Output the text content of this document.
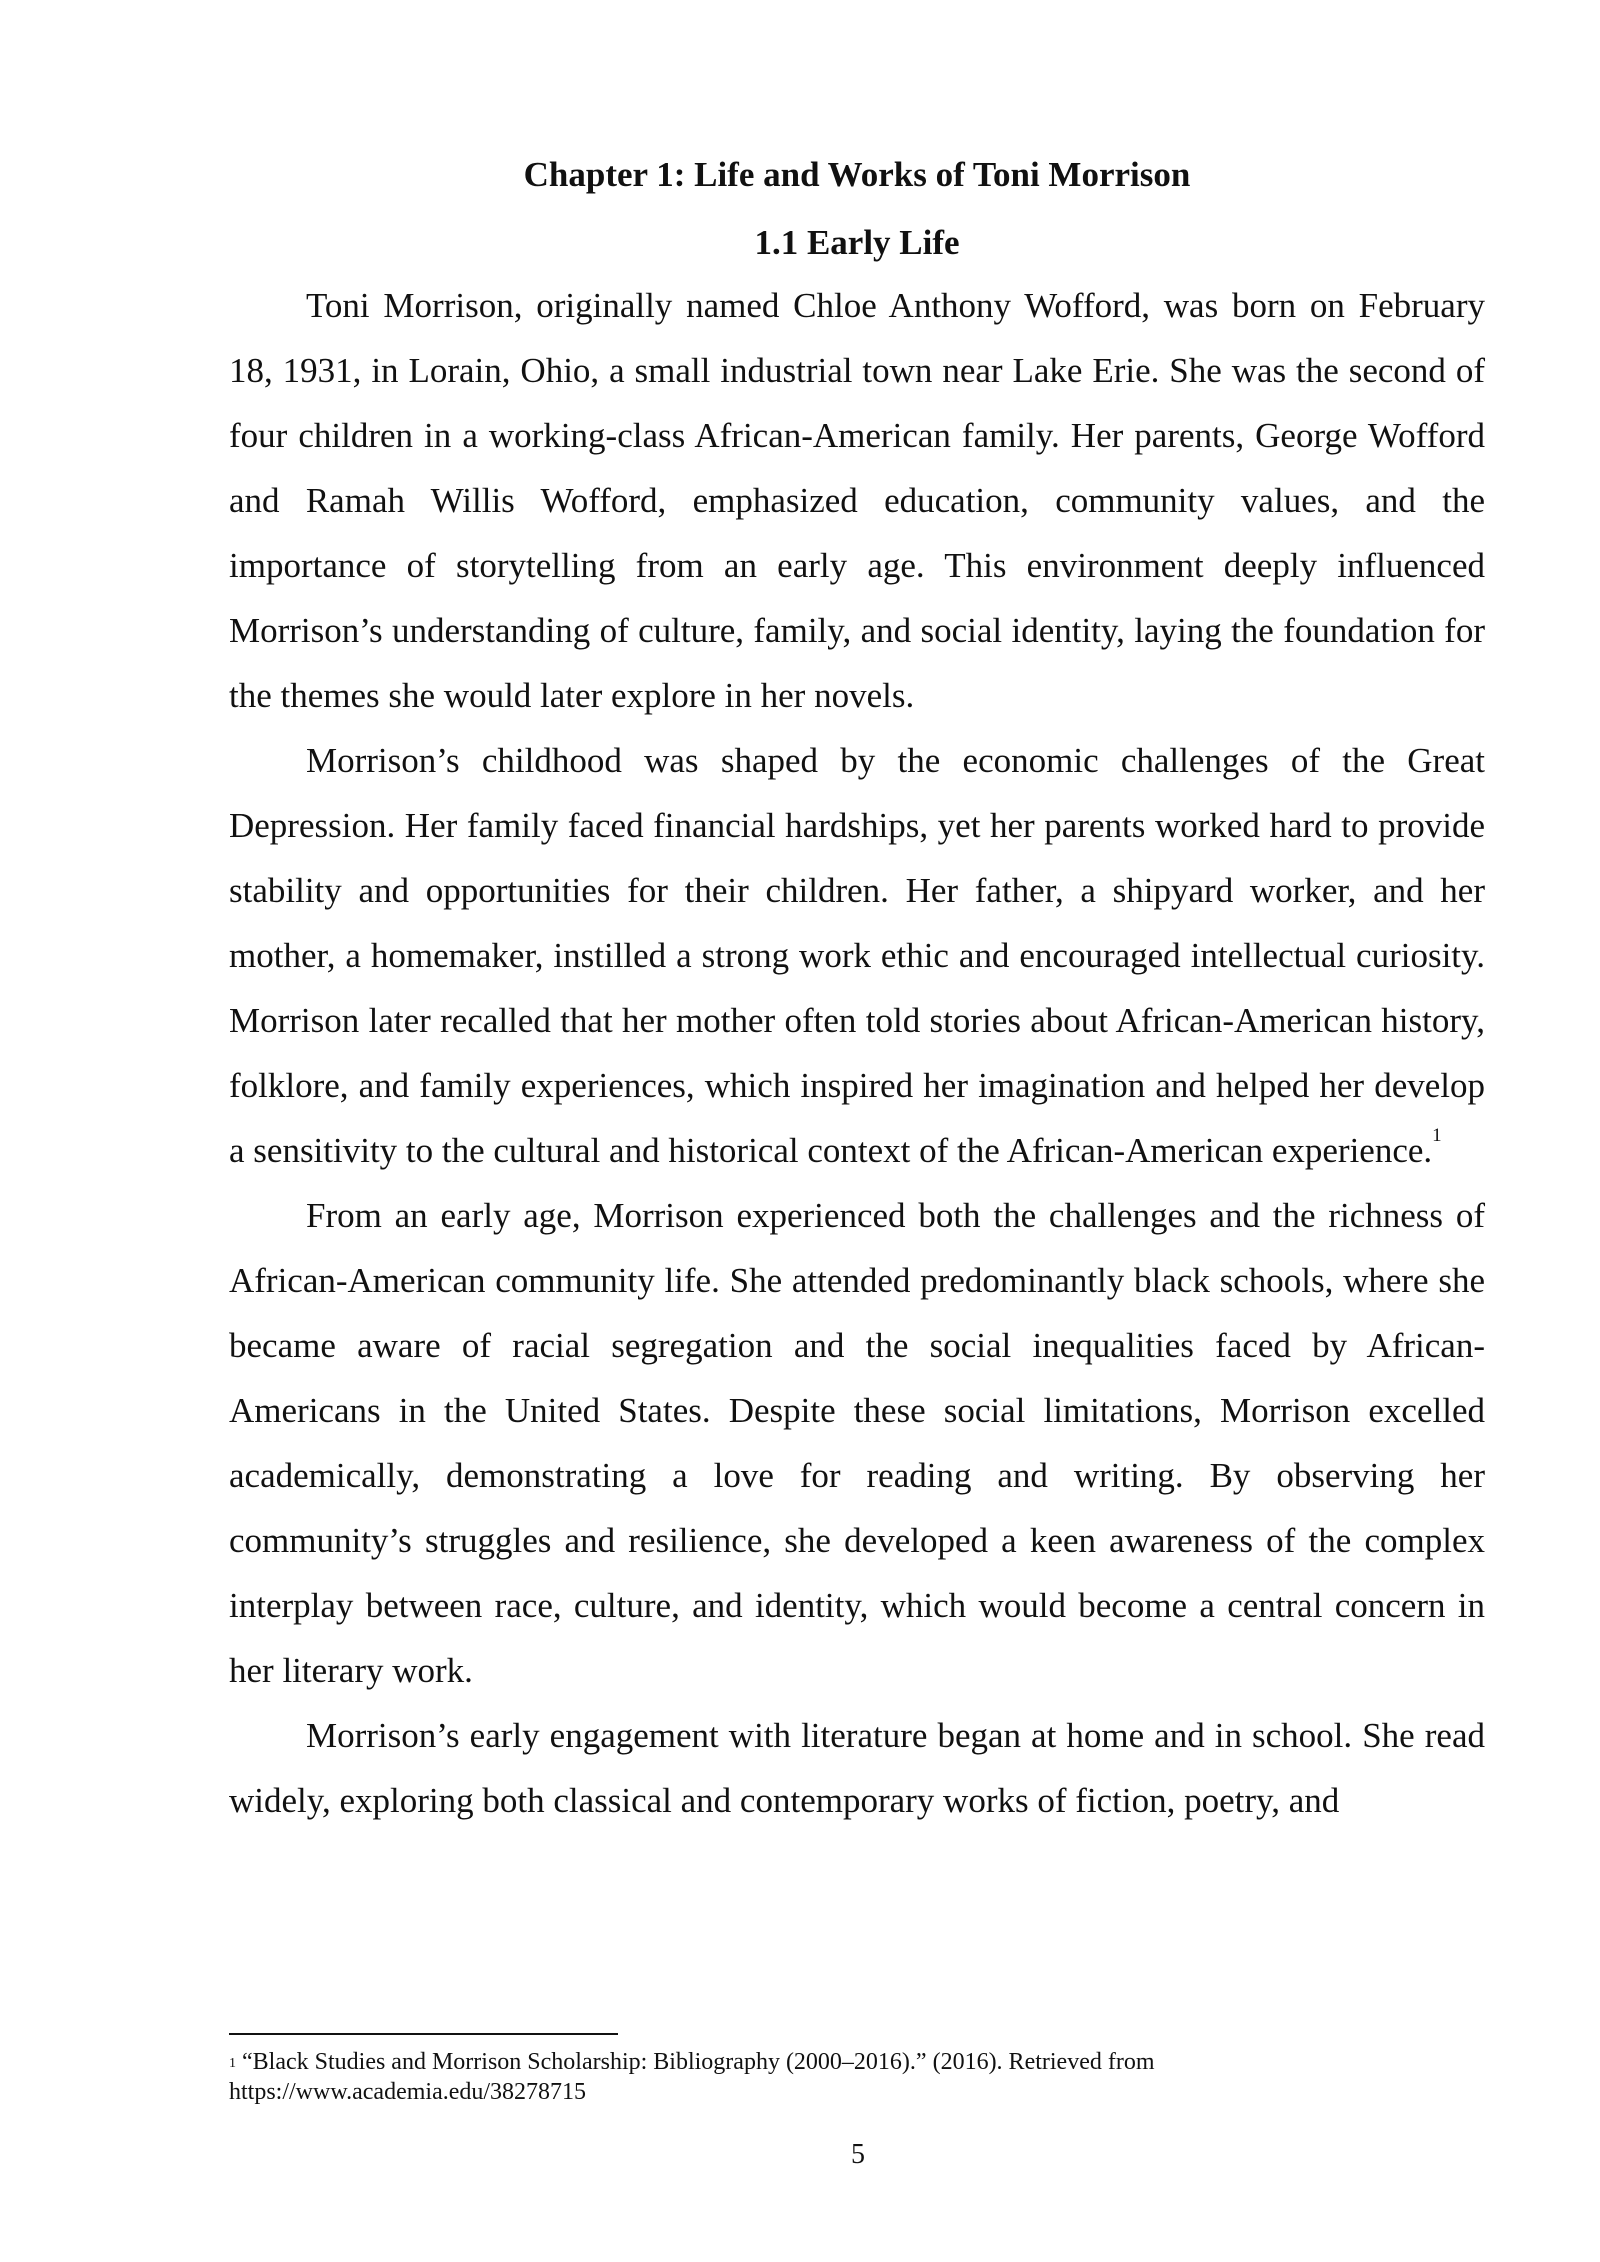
Chapter 1: Life and Works of Toni Morrison
1.1 Early Life

Toni Morrison, originally named Chloe Anthony Wofford, was born on February 18, 1931, in Lorain, Ohio, a small industrial town near Lake Erie. She was the second of four children in a working-class African-American family. Her parents, George Wofford and Ramah Willis Wofford, emphasized education, community values, and the importance of storytelling from an early age. This environment deeply influenced Morrison’s understanding of culture, family, and social identity, laying the foundation for the themes she would later explore in her novels.

Morrison’s childhood was shaped by the economic challenges of the Great Depression. Her family faced financial hardships, yet her parents worked hard to provide stability and opportunities for their children. Her father, a shipyard worker, and her mother, a homemaker, instilled a strong work ethic and encouraged intellectual curiosity. Morrison later recalled that her mother often told stories about African-American history, folklore, and family experiences, which inspired her imagination and helped her develop a sensitivity to the cultural and historical context of the African-American experience.$^1$

From an early age, Morrison experienced both the challenges and the richness of African-American community life. She attended predominantly black schools, where she became aware of racial segregation and the social inequalities faced by African-Americans in the United States. Despite these social limitations, Morrison excelled academically, demonstrating a love for reading and writing. By observing her community’s struggles and resilience, she developed a keen awareness of the complex interplay between race, culture, and identity, which would become a central concern in her literary work.

Morrison’s early engagement with literature began at home and in school. She read widely, exploring both classical and contemporary works of fiction, poetry, and

$^1$ “Black Studies and Morrison Scholarship: Bibliography (2000–2016).” (2016). Retrieved from https://www.academia.edu/38278715
5
